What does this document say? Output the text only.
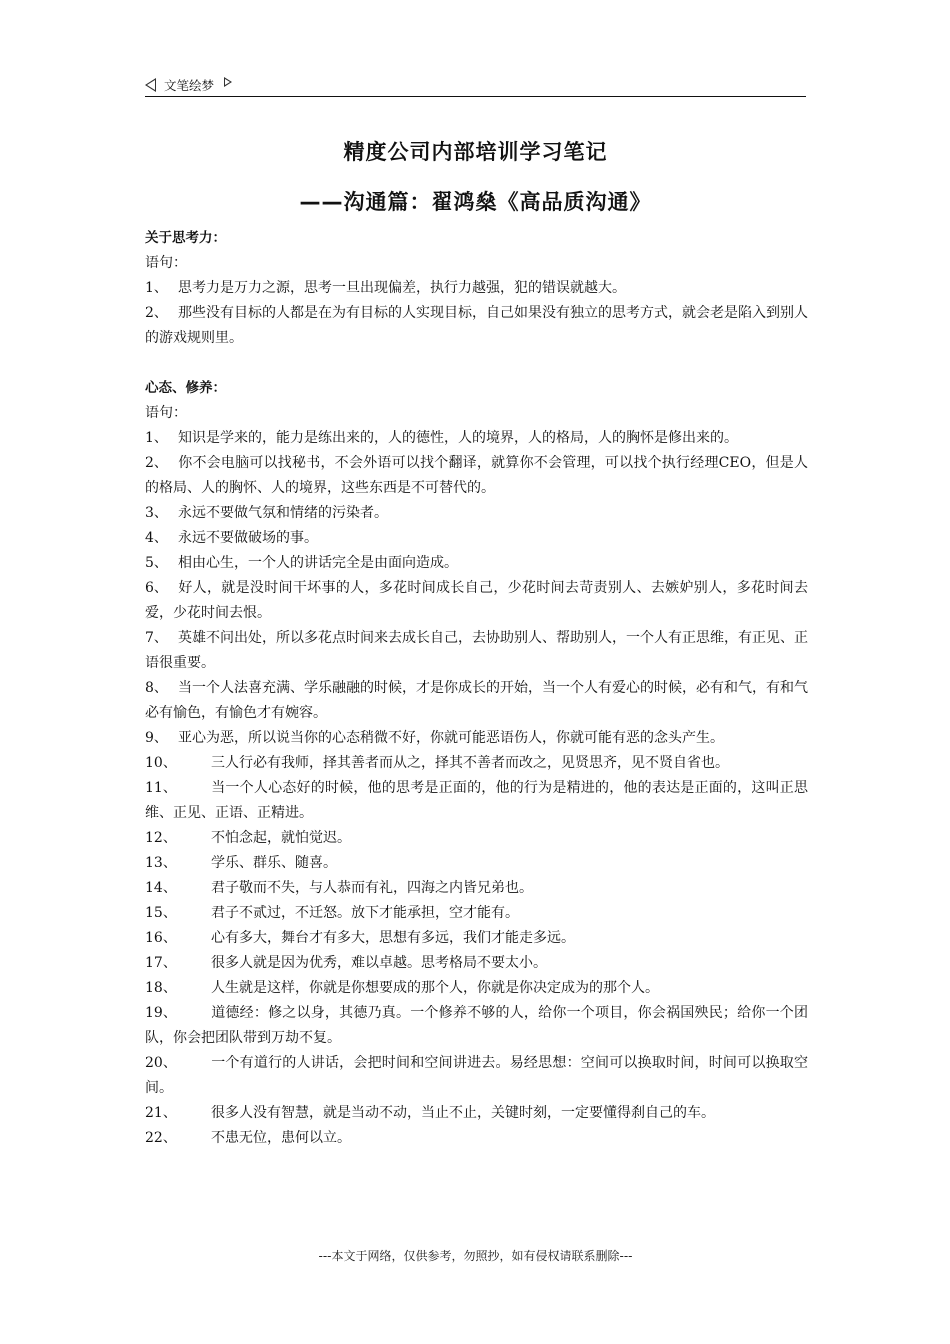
文笔绘梦
精度公司内部培训学习笔记
——沟通篇：翟鸿燊《高品质沟通》
关于思考力：
语句：
1、 思考力是万力之源，思考一旦出现偏差，执行力越强，犯的错误就越大。
2、 那些没有目标的人都是在为有目标的人实现目标，自己如果没有独立的思考方式，就会老是陷入到别人的游戏规则里。
心态、修养：
语句：
1、 知识是学来的，能力是练出来的，人的德性，人的境界，人的格局，人的胸怀是修出来的。
2、 你不会电脑可以找秘书，不会外语可以找个翻译，就算你不会管理，可以找个执行经理CEO，但是人的格局、人的胸怀、人的境界，这些东西是不可替代的。
3、 永远不要做气氛和情绪的污染者。
4、 永远不要做破场的事。
5、 相由心生，一个人的讲话完全是由面向造成。
6、 好人，就是没时间干坏事的人，多花时间成长自己，少花时间去苛责别人、去嫉妒别人，多花时间去爱，少花时间去恨。
7、 英雄不问出处，所以多花点时间来去成长自己，去协助别人、帮助别人，一个人有正思维，有正见、正语很重要。
8、 当一个人法喜充满、学乐融融的时候，才是你成长的开始，当一个人有爱心的时候，必有和气，有和气必有愉色，有愉色才有婉容。
9、 亚心为恶，所以说当你的心态稍微不好，你就可能恶语伤人，你就可能有恶的念头产生。
10、 三人行必有我师，择其善者而从之，择其不善者而改之，见贤思齐，见不贤自省也。
11、 当一个人心态好的时候，他的思考是正面的，他的行为是精进的，他的表达是正面的，这叫正思维、正见、正语、正精进。
12、 不怕念起，就怕觉迟。
13、 学乐、群乐、随喜。
14、 君子敬而不失，与人恭而有礼，四海之内皆兄弟也。
15、 君子不贰过，不迁怒。放下才能承担，空才能有。
16、 心有多大，舞台才有多大，思想有多远，我们才能走多远。
17、 很多人就是因为优秀，难以卓越。思考格局不要太小。
18、 人生就是这样，你就是你想要成的那个人，你就是你决定成为的那个人。
19、 道德经：修之以身，其德乃真。一个修养不够的人，给你一个项目，你会祸国殃民；给你一个团队，你会把团队带到万劫不复。
20、 一个有道行的人讲话，会把时间和空间讲进去。易经思想：空间可以换取时间，时间可以换取空间。
21、 很多人没有智慧，就是当动不动，当止不止，关键时刻，一定要懂得刹自己的车。
22、 不患无位，患何以立。
---本文于网络，仅供参考，勿照抄，如有侵权请联系删除---
